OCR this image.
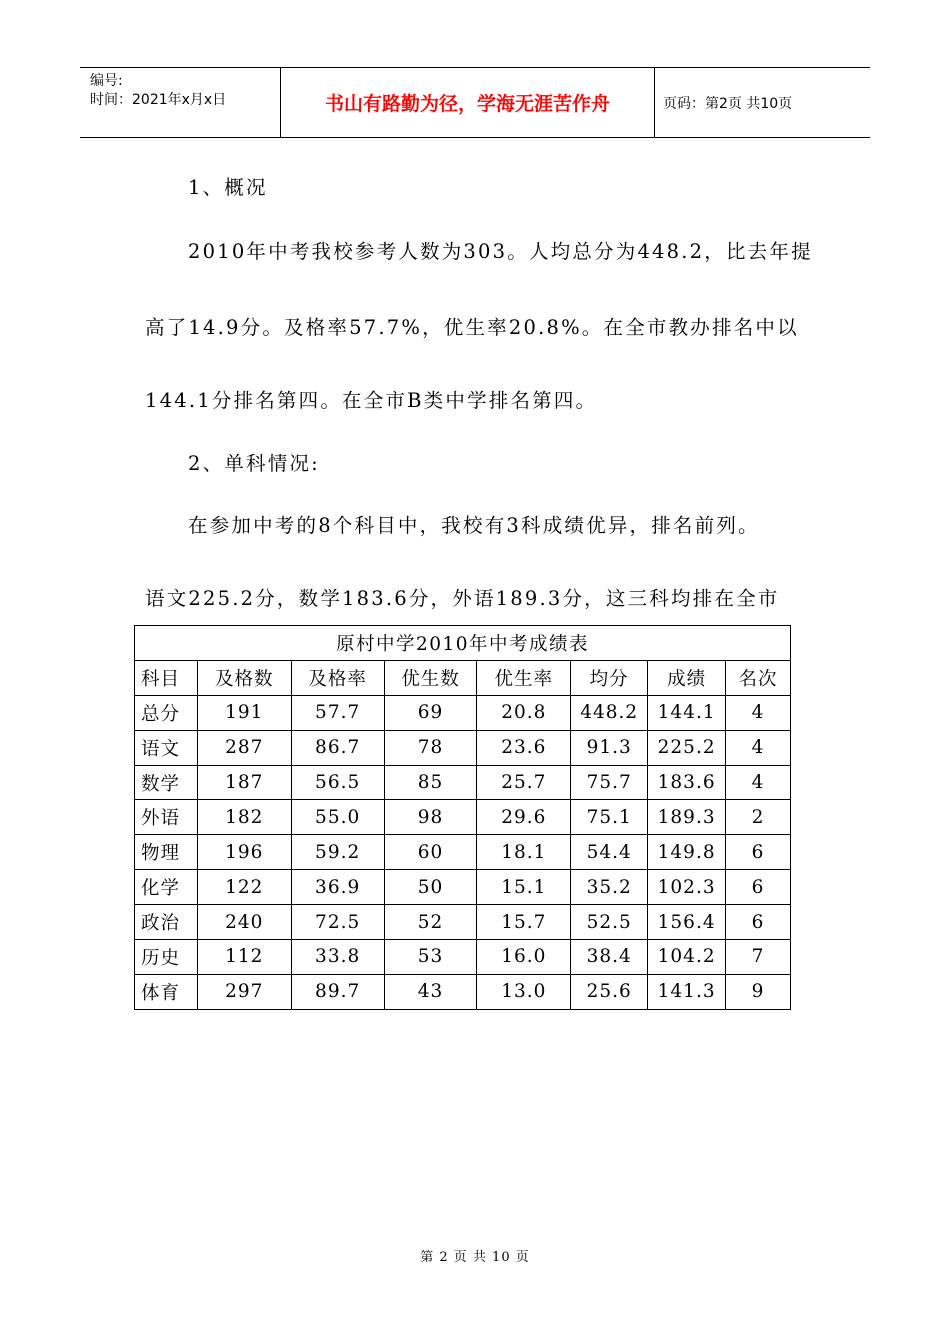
编号:
时间：2021年x月x日	书山有路勤为径，学海无涯苦作舟	页码：第2页 共10页
1、概况
2010年中考我校参考人数为303。人均总分为448.2，比去年提
高了14.9分。及格率57.7%，优生率20.8%。在全市教办排名中以
144.1分排名第四。在全市B类中学排名第四。
2、单科情况:
在参加中考的8个科目中，我校有3科成绩优异，排名前列。
语文225.2分，数学183.6分，外语189.3分，这三科均排在全市
原村中学2010年中考成绩表							
科目	及格数	及格率	优生数	优生率	均分	成绩	名次
总分	191	57.7	69	20.8	448.2	144.1	4
语文	287	86.7	78	23.6	91.3	225.2	4
数学	187	56.5	85	25.7	75.7	183.6	4
外语	182	55.0	98	29.6	75.1	189.3	2
物理	196	59.2	60	18.1	54.4	149.8	6
化学	122	36.9	50	15.1	35.2	102.3	6
政治	240	72.5	52	15.7	52.5	156.4	6
历史	112	33.8	53	16.0	38.4	104.2	7
体育	297	89.7	43	13.0	25.6	141.3	9
第 2 页 共 10 页
